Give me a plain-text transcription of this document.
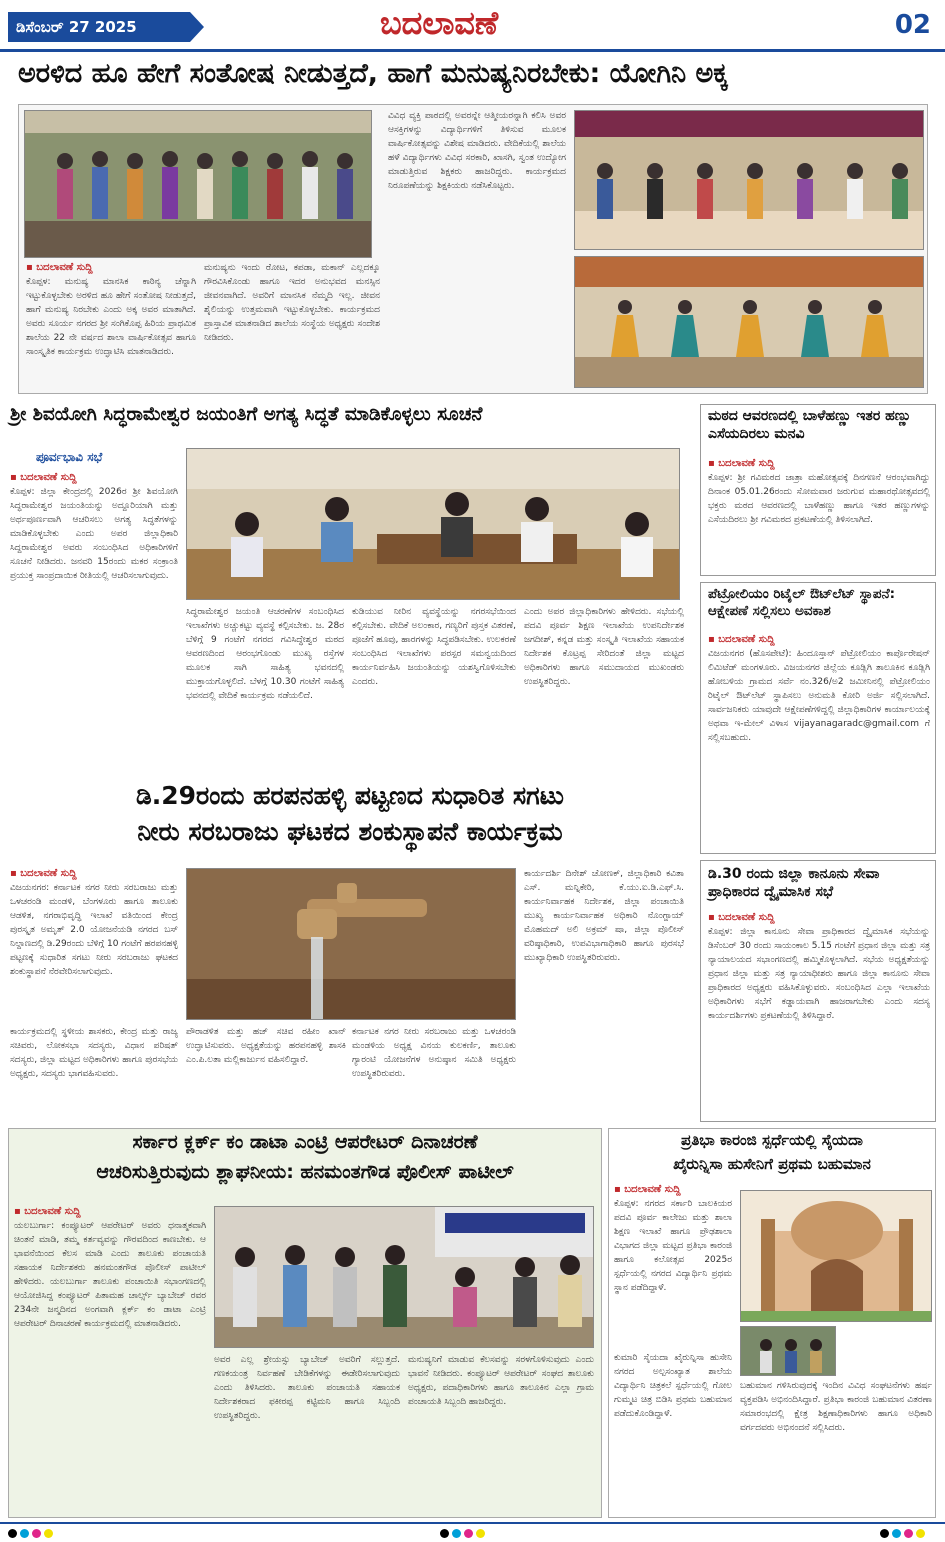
ಡಿಸೆಂಬರ್ 27 2025	ಬದಲಾವಣೆ	02
ಅರಳಿದ ಹೂ ಹೇಗೆ ಸಂತೋಷ ನೀಡುತ್ತದೆ, ಹಾಗೆ ಮನುಷ್ಯನಿರಬೇಕು: ಯೋಗಿನಿ ಅಕ್ಕ
▪ ಬದಲಾವಣೆ ಸುದ್ದಿ
ಕೊಪ್ಪಳ: ಮನುಷ್ಯ ಮಾನಸಿಕ ಕಾಠಿನ್ಯ ಚೆನ್ನಾಗಿ ಇಟ್ಟುಕೊಳ್ಳಬೇಕು ಅರಳಿದ ಹೂ ಹೇಗೆ ಸಂತೋಷ ನೀಡುತ್ತದೆ, ಹಾಗೆ ಮನುಷ್ಯ ನಿರಬೇಕು ಎಂದು ಅಕ್ಕ ಅವರ ಮಾತಾಗಿದೆ. ಅವರು ಸೂರ್ಯ ನಗರದ ಶ್ರೀ ಸಂಗಿಕೊಪ್ಪ ಹಿರಿಯ ಪ್ರಾಥಮಿಕ ಶಾಲೆಯ 22 ನೇ ವರ್ಷದ ಶಾಲಾ ವಾರ್ಷಿಕೋತ್ಸವ ಹಾಗೂ ಸಾಂಸ್ಕೃತಿಕ ಕಾರ್ಯಕ್ರಮ ಉದ್ಘಾಟಿಸಿ ಮಾತನಾಡಿದರು.
ಮನುಷ್ಯನು ಇಂದು ರೋಟ, ಕಪಡಾ, ಮಕಾನ್ ಎಲ್ಲದಕ್ಕೂ ಗೌರವಿಸಿಕೊಂಡು ಹಾಗೂ ಇದರ ಅನುಭವದ ಮನಸ್ಸಿನ ಜೀವನವಾಗಿದೆ. ಅವರಿಗೆ ಮಾನಸಿಕ ನೆಮ್ಮದಿ ಇಲ್ಲ. ಜೀವನ ಶೈಲಿಯನ್ನು ಉತ್ತಮವಾಗಿ ಇಟ್ಟುಕೊಳ್ಳಬೇಕು. ಕಾರ್ಯಕ್ರಮದ ಪ್ರಾಸ್ತಾವಿಕ ಮಾತನಾಡಿದ ಶಾಲೆಯ ಸಂಸ್ಥೆಯ ಅಧ್ಯಕ್ಷರು ಸಂದೇಶ ನೀಡಿದರು.
ವಿವಿಧ ವ್ಯಕ್ತಿ ಪಾಠದಲ್ಲಿ ಅವರನ್ನೇ ಆತ್ಮೀಯರನ್ನಾಗಿ ಕಲಿಸಿ ಅವರ ಆಸಕ್ತಿಗಳನ್ನು ವಿದ್ಯಾರ್ಥಿಗಳಿಗೆ ತಿಳಿಸುವ ಮೂಲಕ ವಾರ್ಷಿಕೋತ್ಸವನ್ನು ವಿಶೇಷ ಮಾಡಿದರು. ವೇದಿಕೆಯಲ್ಲಿ ಶಾಲೆಯ ಹಳೆ ವಿದ್ಯಾರ್ಥಿಗಳು ವಿವಿಧ ಸರಕಾರಿ, ಖಾಸಗಿ, ಸ್ವಂತ ಉದ್ಯೋಗ ಮಾಡುತ್ತಿರುವ ಶಿಕ್ಷಕರು ಹಾಜರಿದ್ದರು. ಕಾರ್ಯಕ್ರಮದ ನಿರೂಪಣೆಯನ್ನು ಶಿಕ್ಷಕಿಯರು ನಡೆಸಿಕೊಟ್ಟರು.
ಶ್ರೀ ಶಿವಯೋಗಿ ಸಿದ್ಧರಾಮೇಶ್ವರ ಜಯಂತಿಗೆ ಅಗತ್ಯ ಸಿದ್ಧತೆ ಮಾಡಿಕೊಳ್ಳಲು ಸೂಚನೆ
ಪೂರ್ವಭಾವಿ ಸಭೆ
▪ ಬದಲಾವಣೆ ಸುದ್ದಿ
ಕೊಪ್ಪಳ: ಜಿಲ್ಲಾ ಕೇಂದ್ರದಲ್ಲಿ 2026ರ ಶ್ರೀ ಶಿವಯೋಗಿ ಸಿದ್ಧರಾಮೇಶ್ವರ ಜಯಂತಿಯನ್ನು ಅದ್ದೂರಿಯಾಗಿ ಮತ್ತು ಅರ್ಥಪೂರ್ಣವಾಗಿ ಆಚರಿಸಲು ಅಗತ್ಯ ಸಿದ್ಧತೆಗಳನ್ನು ಮಾಡಿಕೊಳ್ಳಬೇಕು ಎಂದು ಅಪರ ಜಿಲ್ಲಾಧಿಕಾರಿ ಸಿದ್ದರಾಮೇಶ್ವರ ಅವರು ಸಂಬಂಧಿಸಿದ ಅಧಿಕಾರಿಗಳಿಗೆ ಸೂಚನೆ ನೀಡಿದರು. ಜನವರಿ 15ರಂದು ಮಕರ ಸಂಕ್ರಾಂತಿ ಪ್ರಯುಕ್ತ ಸಾಂಪ್ರದಾಯಿಕ ರೀತಿಯಲ್ಲಿ ಆಚರಿಸಲಾಗುವುದು.
ಸಿದ್ಧರಾಮೇಶ್ವರ ಜಯಂತಿ ಆಚರಣೆಗಳ ಸಂಬಂಧಿಸಿದ ಇಲಾಖೆಗಳು ಅಚ್ಚುಕಟ್ಟು ವ್ಯವಸ್ಥೆ ಕಲ್ಪಿಸಬೇಕು. ಜ. 28ರ ಬೆಳಿಗ್ಗೆ 9 ಗಂಟೆಗೆ ನಗರದ ಗವಿಸಿದ್ಧೇಶ್ವರ ಮಠದ ಆವರಣದಿಂದ ಆರಂಭಗೊಂಡು ಮುಖ್ಯ ರಸ್ತೆಗಳ ಮೂಲಕ ಸಾಗಿ ಸಾಹಿತ್ಯ ಭವನದಲ್ಲಿ ಮುಕ್ತಾಯಗೊಳ್ಳಲಿದೆ. ಬೆಳಗ್ಗೆ 10.30 ಗಂಟೆಗೆ ಸಾಹಿತ್ಯ ಭವನದಲ್ಲಿ ವೇದಿಕೆ ಕಾರ್ಯಕ್ರಮ ನಡೆಯಲಿದೆ.
ಕುಡಿಯುವ ನೀರಿನ ವ್ಯವಸ್ಥೆಯನ್ನು ನಗರಸಭೆಯಿಂದ ಕಲ್ಪಿಸಬೇಕು. ವೇದಿಕೆ ಅಲಂಕಾರ, ಗಣ್ಯರಿಗೆ ಪುಸ್ತಕ ವಿತರಣೆ, ಪೂಜೆಗೆ ಹೂವು, ಹಾರಗಳನ್ನು ಸಿದ್ಧಪಡಿಸಬೇಕು. ಉಲಕರಣೆ ಸಂಬಂಧಿಸಿದ ಇಲಾಖೆಗಳು ಪರಸ್ಪರ ಸಮನ್ವಯದಿಂದ ಕಾರ್ಯನಿರ್ವಹಿಸಿ ಜಯಂತಿಯನ್ನು ಯಶಸ್ವಿಗೊಳಿಸಬೇಕು ಎಂದರು.
ಎಂದು ಅಪರ ಜಿಲ್ಲಾಧಿಕಾರಿಗಳು ಹೇಳಿದರು. ಸಭೆಯಲ್ಲಿ ಪದವಿ ಪೂರ್ವ ಶಿಕ್ಷಣ ಇಲಾಖೆಯ ಉಪನಿರ್ದೇಶಕ ಜಗದೀಶ್, ಕನ್ನಡ ಮತ್ತು ಸಂಸ್ಕೃತಿ ಇಲಾಖೆಯ ಸಹಾಯಕ ನಿರ್ದೇಶಕ ಕೊಟ್ರಪ್ಪ ಸೇರಿದಂತೆ ಜಿಲ್ಲಾ ಮಟ್ಟದ ಅಧಿಕಾರಿಗಳು ಹಾಗೂ ಸಮುದಾಯದ ಮುಖಂಡರು ಉಪಸ್ಥಿತರಿದ್ದರು.
ಮಠದ ಆವರಣದಲ್ಲಿ ಬಾಳೆಹಣ್ಣು ಇತರ ಹಣ್ಣು ಎಸೆಯದಿರಲು ಮನವಿ
▪ ಬದಲಾವಣೆ ಸುದ್ದಿ
ಕೊಪ್ಪಳ: ಶ್ರೀ ಗವಿಮಠದ ಜಾತ್ರಾ ಮಹೋತ್ಸವಕ್ಕೆ ದಿನಗಣನೆ ಆರಂಭವಾಗಿದ್ದು ದಿನಾಂಕ 05.01.26ರಂದು ಸೋಮವಾರ ಜರುಗುವ ಮಹಾರಥೋತ್ಸವದಲ್ಲಿ ಭಕ್ತರು ಮಠದ ಆವರಣದಲ್ಲಿ ಬಾಳೆಹಣ್ಣು ಹಾಗೂ ಇತರ ಹಣ್ಣುಗಳನ್ನು ಎಸೆಯದಿರಲು ಶ್ರೀ ಗವಿಮಠದ ಪ್ರಕಟಣೆಯಲ್ಲಿ ತಿಳಿಸಲಾಗಿದೆ.
ಪೆಟ್ರೋಲಿಯಂ ರಿಟೈಲ್ ಔಟ್‌ಲೆಟ್ ಸ್ಥಾಪನೆ: ಆಕ್ಷೇಪಣೆ ಸಲ್ಲಿಸಲು ಅವಕಾಶ
▪ ಬದಲಾವಣೆ ಸುದ್ದಿ
ವಿಜಯನಗರ (ಹೊಸಪೇಟೆ): ಹಿಂದೂಸ್ತಾನ್ ಪೆಟ್ರೋಲಿಯಂ ಕಾರ್ಪೊರೇಷನ್ ಲಿಮಿಟೆಡ್ ಮಂಗಳೂರು. ವಿಜಯನಗರ ಜಿಲ್ಲೆಯ ಕೂಡ್ಲಿಗಿ ತಾಲೂಕಿನ ಕೂಡ್ಲಿಗಿ ಹೋಬಳಿಯ ಗ್ರಾಮದ ಸರ್ವೆ ನಂ.326/ಅ2 ಜಮೀನಿನಲ್ಲಿ ಪೆಟ್ರೋಲಿಯಂ ರಿಟೈಲ್ ಔಟ್‌ಲೆಟ್ ಸ್ಥಾಪಿಸಲು ಅನುಮತಿ ಕೋರಿ ಅರ್ಜಿ ಸಲ್ಲಿಸಲಾಗಿದೆ. ಸಾರ್ವಜನಿಕರು ಯಾವುದೇ ಆಕ್ಷೇಪಣೆಗಳಿದ್ದಲ್ಲಿ ಜಿಲ್ಲಾಧಿಕಾರಿಗಳ ಕಾರ್ಯಾಲಯಕ್ಕೆ ಅಥವಾ ಇ-ಮೇಲ್ ವಿಳಾಸ vijayanagaradc@gmail.com ಗೆ ಸಲ್ಲಿಸಬಹುದು.
ಡಿ.29ರಂದು ಹರಪನಹಳ್ಳಿ ಪಟ್ಟಣದ ಸುಧಾರಿತ ಸಗಟು
ನೀರು ಸರಬರಾಜು ಘಟಕದ ಶಂಕುಸ್ಥಾಪನೆ ಕಾರ್ಯಕ್ರಮ
▪ ಬದಲಾವಣೆ ಸುದ್ದಿ
ವಿಜಯನಗರ: ಕರ್ನಾಟಕ ನಗರ ನೀರು ಸರಬರಾಜು ಮತ್ತು ಒಳಚರಂಡಿ ಮಂಡಳಿ, ಬೆಂಗಳೂರು ಹಾಗೂ ತಾಲೂಕು ಆಡಳಿತ, ನಗರಾಭಿವೃದ್ಧಿ ಇಲಾಖೆ ವತಿಯಿಂದ ಕೇಂದ್ರ ಪುರಸ್ಕೃತ ಅಮೃತ್ 2.0 ಯೋಜನೆಯಡಿ ನಗರದ ಬಸ್ ನಿಲ್ದಾಣದಲ್ಲಿ ಡಿ.29ರಂದು ಬೆಳಿಗ್ಗೆ 10 ಗಂಟೆಗೆ ಹರಪನಹಳ್ಳಿ ಪಟ್ಟಣಕ್ಕೆ ಸುಧಾರಿತ ಸಗಟು ನೀರು ಸರಬರಾಜು ಘಟಕದ ಶಂಕುಸ್ಥಾಪನೆ ನೆರವೇರಿಸಲಾಗುವುದು.
ಕಾರ್ಯಕ್ರಮದಲ್ಲಿ ಸ್ಥಳೀಯ ಶಾಸಕರು, ಕೇಂದ್ರ ಮತ್ತು ರಾಜ್ಯ ಸಚಿವರು, ಲೋಕಸಭಾ ಸದಸ್ಯರು, ವಿಧಾನ ಪರಿಷತ್ ಸದಸ್ಯರು, ಜಿಲ್ಲಾ ಮಟ್ಟದ ಅಧಿಕಾರಿಗಳು ಹಾಗೂ ಪುರಸಭೆಯ ಅಧ್ಯಕ್ಷರು, ಸದಸ್ಯರು ಭಾಗವಹಿಸುವರು.
ಕಾರ್ಯದರ್ಶಿ ದಿನೇಶ್ ಚೋಣಕ್, ಜಿಲ್ಲಾಧಿಕಾರಿ ಕವಿತಾ ಎಸ್. ಮನ್ನಿಕೇರಿ, ಕೆ.ಯು.ಐ.ಡಿ.ಎಫ್.ಸಿ. ಕಾರ್ಯನಿರ್ವಾಹಕ ನಿರ್ದೇಶಕ, ಜಿಲ್ಲಾ ಪಂಚಾಯಿತಿ ಮುಖ್ಯ ಕಾರ್ಯನಿರ್ವಾಹಕ ಅಧಿಕಾರಿ ನೊಂಗ್ಜಾಯ್ ಮೊಹಮದ್ ಅಲಿ ಅಕ್ರಮ್ ಷಾ, ಜಿಲ್ಲಾ ಪೊಲೀಸ್ ವರಿಷ್ಠಾಧಿಕಾರಿ, ಉಪವಿಭಾಗಾಧಿಕಾರಿ ಹಾಗೂ ಪುರಸಭೆ ಮುಖ್ಯಾಧಿಕಾರಿ ಉಪಸ್ಥಿತರಿರುವರು.
ಪೌರಾಡಳಿತ ಮತ್ತು ಹಜ್ ಸಚಿವ ರಹೀಂ ಖಾನ್ ಉದ್ಘಾಟಿಸುವರು. ಅಧ್ಯಕ್ಷತೆಯನ್ನು ಹರಪನಹಳ್ಳಿ ಶಾಸಕಿ ಎಂ.ಪಿ.ಲತಾ ಮಲ್ಲಿಕಾರ್ಜುನ ವಹಿಸಲಿದ್ದಾರೆ.
ಕರ್ನಾಟಕ ನಗರ ನೀರು ಸರಬರಾಜು ಮತ್ತು ಒಳಚರಂಡಿ ಮಂಡಳಿಯ ಅಧ್ಯಕ್ಷ ವಿನಯ ಕುಲಕರ್ಣಿ, ತಾಲೂಕು ಗ್ಯಾರಂಟಿ ಯೋಜನೆಗಳ ಅನುಷ್ಠಾನ ಸಮಿತಿ ಅಧ್ಯಕ್ಷರು ಉಪಸ್ಥಿತರಿರುವರು.
ಡಿ.30 ರಂದು ಜಿಲ್ಲಾ ಕಾನೂನು ಸೇವಾ ಪ್ರಾಧಿಕಾರದ ದ್ವೈಮಾಸಿಕ ಸಭೆ
▪ ಬದಲಾವಣೆ ಸುದ್ದಿ
ಕೊಪ್ಪಳ: ಜಿಲ್ಲಾ ಕಾನೂನು ಸೇವಾ ಪ್ರಾಧಿಕಾರದ ದ್ವೈಮಾಸಿಕ ಸಭೆಯನ್ನು ಡಿಸೆಂಬರ್ 30 ರಂದು ಸಾಯಂಕಾಲ 5.15 ಗಂಟೆಗೆ ಪ್ರಧಾನ ಜಿಲ್ಲಾ ಮತ್ತು ಸತ್ರ ನ್ಯಾಯಾಲಯದ ಸಭಾಂಗಣದಲ್ಲಿ ಹಮ್ಮಿಕೊಳ್ಳಲಾಗಿದೆ. ಸಭೆಯ ಅಧ್ಯಕ್ಷತೆಯನ್ನು ಪ್ರಧಾನ ಜಿಲ್ಲಾ ಮತ್ತು ಸತ್ರ ನ್ಯಾಯಾಧೀಶರು ಹಾಗೂ ಜಿಲ್ಲಾ ಕಾನೂನು ಸೇವಾ ಪ್ರಾಧಿಕಾರದ ಅಧ್ಯಕ್ಷರು ವಹಿಸಿಕೊಳ್ಳುವರು. ಸಂಬಂಧಿಸಿದ ಎಲ್ಲಾ ಇಲಾಖೆಯ ಅಧಿಕಾರಿಗಳು ಸಭೆಗೆ ಕಡ್ಡಾಯವಾಗಿ ಹಾಜರಾಗಬೇಕು ಎಂದು ಸದಸ್ಯ ಕಾರ್ಯದರ್ಶಿಗಳು ಪ್ರಕಟಣೆಯಲ್ಲಿ ತಿಳಿಸಿದ್ದಾರೆ.
ಸರ್ಕಾರ ಕ್ಲರ್ಕ್ ಕಂ ಡಾಟಾ ಎಂಟ್ರಿ ಆಪರೇಟರ್ ದಿನಾಚರಣೆ
ಆಚರಿಸುತ್ತಿರುವುದು ಶ್ಲಾಘನೀಯ: ಹನಮಂತಗೌಡ ಪೊಲೀಸ್ ಪಾಟೀಲ್
▪ ಬದಲಾವಣೆ ಸುದ್ದಿ
ಯಲಬುರ್ಗಾ: ಕಂಪ್ಯೂಟರ್ ಆಪರೇಟರ್ ಅವರು ಧನಾತ್ಮಕವಾಗಿ ಚಿಂತನೆ ಮಾಡಿ, ತಮ್ಮ ಕರ್ತವ್ಯವನ್ನು ಗೌರವದಿಂದ ಕಾಣಬೇಕು. ಆ ಭಾವನೆಯಿಂದ ಕೆಲಸ ಮಾಡಿ ಎಂದು ತಾಲೂಕು ಪಂಚಾಯತಿ ಸಹಾಯಕ ನಿರ್ದೇಶಕರು ಹನಮಂತಗೌಡ ಪೊಲೀಸ್ ಪಾಟೀಲ್ ಹೇಳಿದರು. ಯಲಬುರ್ಗಾ ತಾಲೂಕು ಪಂಚಾಯಿತಿ ಸಭಾಂಗಣದಲ್ಲಿ ಆಯೋಜಿಸಿದ್ದ ಕಂಪ್ಯೂಟರ್ ಪಿತಾಮಹ ಚಾರ್ಲ್ಸ್ ಬ್ಯಾಬೇಜ್ ರವರ 234ನೇ ಜನ್ಮದಿನದ ಅಂಗವಾಗಿ ಕ್ಲರ್ಕ್ ಕಂ ಡಾಟಾ ಎಂಟ್ರಿ ಆಪರೇಟರ್ ದಿನಾಚರಣೆ ಕಾರ್ಯಕ್ರಮದಲ್ಲಿ ಮಾತನಾಡಿದರು.
ಅವರ ಎಲ್ಲ ಶ್ರೇಯಸ್ಸು ಬ್ಯಾಬೇಜ್ ಅವರಿಗೆ ಸಲ್ಲುತ್ತದೆ. ಗಣಕಯಂತ್ರ ನಿರ್ವಹಣೆ ಬೇಡಿಕೆಗಳನ್ನು ಈಡೇರಿಸಲಾಗುವುದು ಎಂದು ತಿಳಿಸಿದರು. ತಾಲೂಕು ಪಂಚಾಯತಿ ಸಹಾಯಕ ನಿರ್ದೇಶಕರಾದ ಫಕೀರಪ್ಪ ಕಟ್ಟಿಮನಿ ಹಾಗೂ ಸಿಬ್ಬಂದಿ ಉಪಸ್ಥಿತರಿದ್ದರು.
ಮನುಷ್ಯನಿಗೆ ಮಾಡುವ ಕೆಲಸವನ್ನು ಸರಳಗೊಳಿಸುವುದು ಎಂದು ಭಾವನೆ ನೀಡಿದರು. ಕಂಪ್ಯೂಟರ್ ಆಪರೇಟರ್ ಸಂಘದ ತಾಲೂಕು ಅಧ್ಯಕ್ಷರು, ಪದಾಧಿಕಾರಿಗಳು ಹಾಗೂ ತಾಲೂಕಿನ ಎಲ್ಲಾ ಗ್ರಾಮ ಪಂಚಾಯತಿ ಸಿಬ್ಬಂದಿ ಹಾಜರಿದ್ದರು.
ಪ್ರತಿಭಾ ಕಾರಂಜಿ ಸ್ಪರ್ಧೆಯಲ್ಲಿ ಸೈಯದಾ
ಖೈರುನ್ನಿಸಾ ಹುಸೇನಿಗೆ ಪ್ರಥಮ ಬಹುಮಾನ
▪ ಬದಲಾವಣೆ ಸುದ್ದಿ
ಕೊಪ್ಪಳ: ನಗರದ ಸರ್ಕಾರಿ ಬಾಲಕಿಯರ ಪದವಿ ಪೂರ್ವ ಕಾಲೇಜು ಮತ್ತು ಶಾಲಾ ಶಿಕ್ಷಣ ಇಲಾಖೆ ಹಾಗೂ ಪ್ರೌಢಶಾಲಾ ವಿಭಾಗದ ಜಿಲ್ಲಾ ಮಟ್ಟದ ಪ್ರತಿಭಾ ಕಾರಂಜಿ ಹಾಗೂ ಕಲೋತ್ಸವ 2025ರ ಸ್ಪರ್ಧೆಯಲ್ಲಿ ನಗರದ ವಿದ್ಯಾರ್ಥಿನಿ ಪ್ರಥಮ ಸ್ಥಾನ ಪಡೆದಿದ್ದಾಳೆ.
ಕುಮಾರಿ ಸೈಯದಾ ಖೈರುನ್ನಿಸಾ ಹುಸೇನಿ ನಗರದ ಅಲ್ಪಸಂಖ್ಯಾತ ಶಾಲೆಯ ವಿದ್ಯಾರ್ಥಿನಿ ಚಿತ್ರಕಲೆ ಸ್ಪರ್ಧೆಯಲ್ಲಿ ಗೋಲ ಗುಮ್ಮಟ ಚಿತ್ರ ಬಿಡಿಸಿ ಪ್ರಥಮ ಬಹುಮಾನ ಪಡೆದುಕೊಂಡಿದ್ದಾಳೆ.
ಬಹುಮಾನ ಗಳಿಸಿರುವುದಕ್ಕೆ ಇಂದಿನ ವಿವಿಧ ಸಂಘಟನೆಗಳು ಹರ್ಷ ವ್ಯಕ್ತಪಡಿಸಿ ಅಭಿನಂದಿಸಿದ್ದಾರೆ. ಪ್ರತಿಭಾ ಕಾರಂಜಿ ಬಹುಮಾನ ವಿತರಣಾ ಸಮಾರಂಭದಲ್ಲಿ ಕ್ಷೇತ್ರ ಶಿಕ್ಷಣಾಧಿಕಾರಿಗಳು ಹಾಗೂ ಅಧಿಕಾರಿ ವರ್ಗದವರು ಅಭಿನಂದನೆ ಸಲ್ಲಿಸಿದರು.
